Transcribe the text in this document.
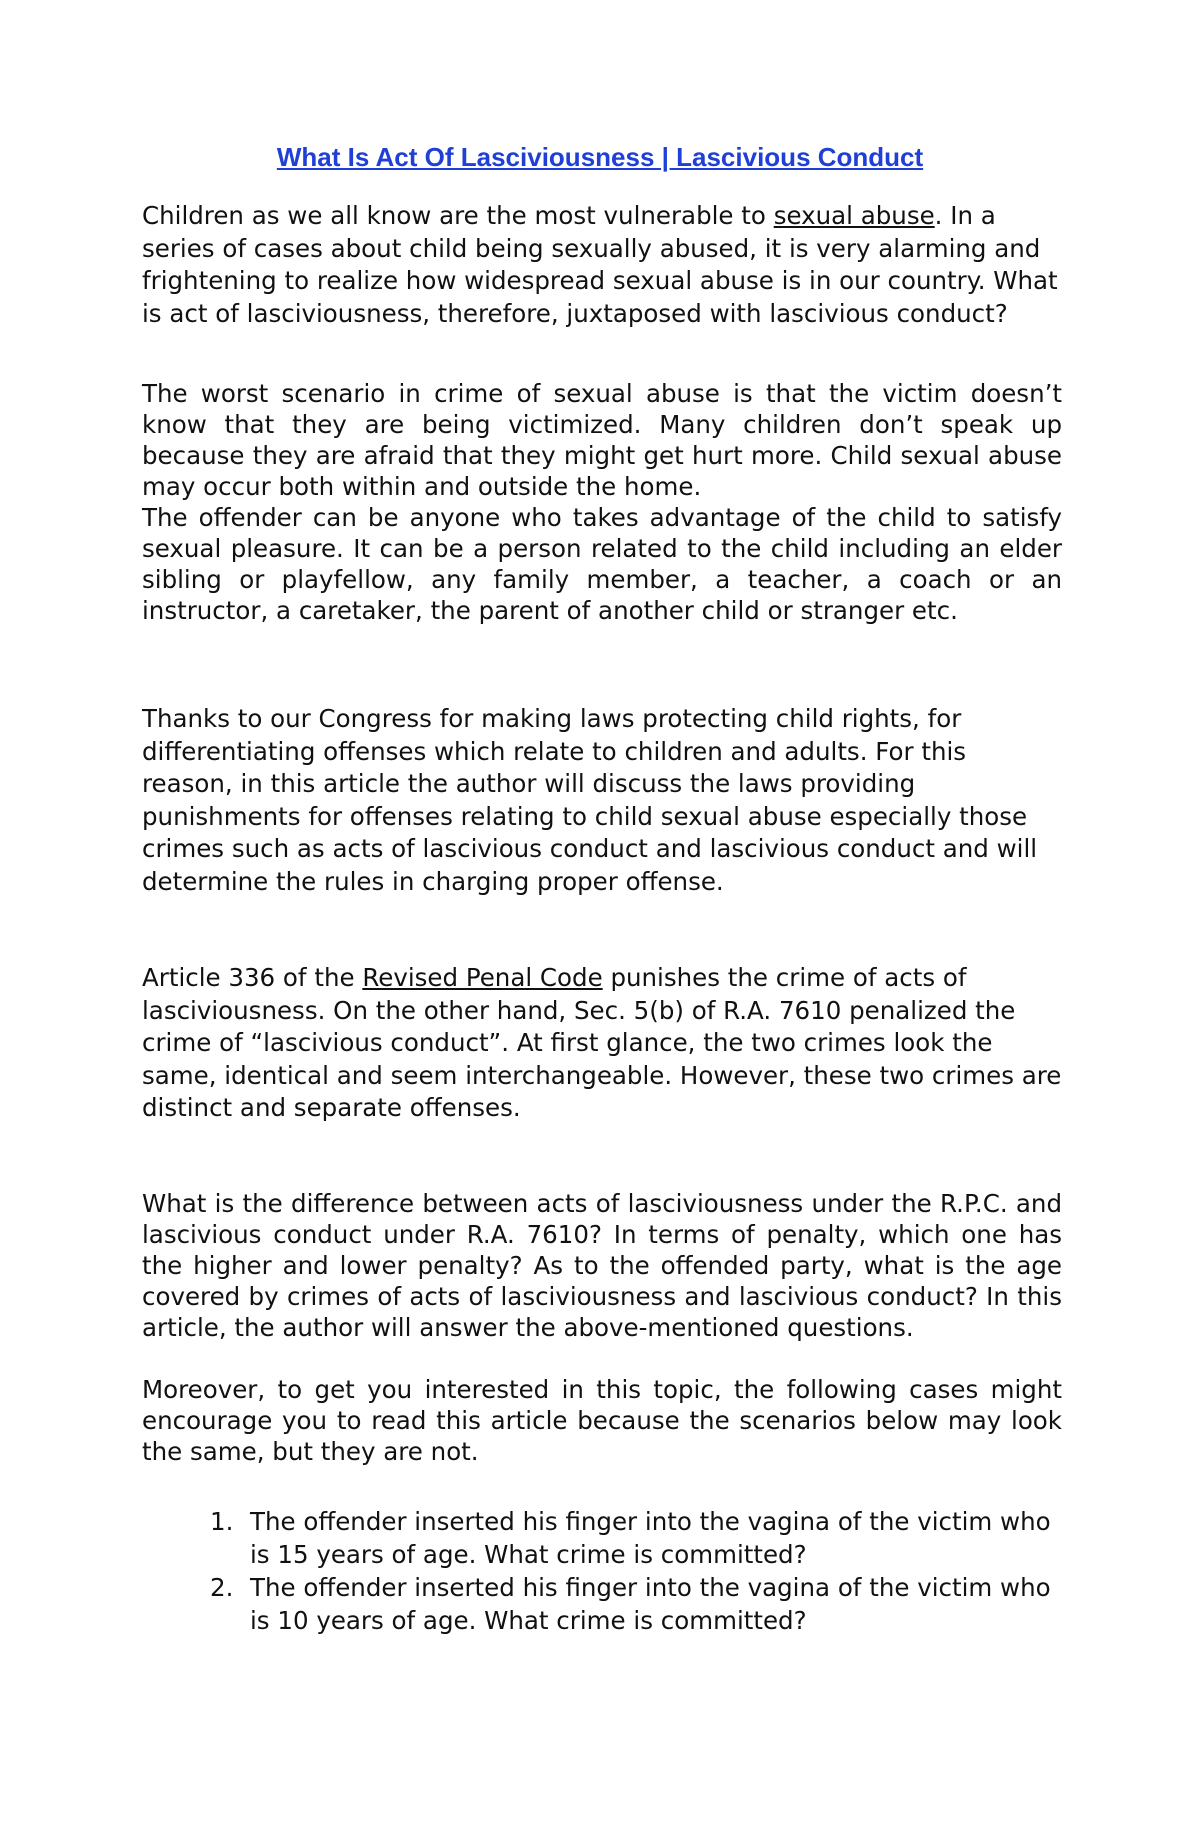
What Is Act Of Lasciviousness | Lascivious Conduct

Children as we all know are the most vulnerable to sexual abuse. In a series of cases about child being sexually abused, it is very alarming and frightening to realize how widespread sexual abuse is in our country. What is act of lasciviousness, therefore, juxtaposed with lascivious conduct?

The worst scenario in crime of sexual abuse is that the victim doesn’t know that they are being victimized. Many children don’t speak up because they are afraid that they might get hurt more. Child sexual abuse may occur both within and outside the home.

The offender can be anyone who takes advantage of the child to satisfy sexual pleasure. It can be a person related to the child including an elder sibling or playfellow, any family member, a teacher, a coach or an instructor, a caretaker, the parent of another child or stranger etc.

Thanks to our Congress for making laws protecting child rights, for differentiating offenses which relate to children and adults. For this reason, in this article the author will discuss the laws providing punishments for offenses relating to child sexual abuse especially those crimes such as acts of lascivious conduct and lascivious conduct and will determine the rules in charging proper offense.

Article 336 of the Revised Penal Code punishes the crime of acts of lasciviousness. On the other hand, Sec. 5(b) of R.A. 7610 penalized the crime of “lascivious conduct”. At first glance, the two crimes look the same, identical and seem interchangeable. However, these two crimes are distinct and separate offenses.

What is the difference between acts of lasciviousness under the R.P.C. and lascivious conduct under R.A. 7610? In terms of penalty, which one has the higher and lower penalty? As to the offended party, what is the age covered by crimes of acts of lasciviousness and lascivious conduct? In this article, the author will answer the above-mentioned questions.

Moreover, to get you interested in this topic, the following cases might encourage you to read this article because the scenarios below may look the same, but they are not.

1. The offender inserted his finger into the vagina of the victim who is 15 years of age. What crime is committed?
2. The offender inserted his finger into the vagina of the victim who is 10 years of age. What crime is committed?
